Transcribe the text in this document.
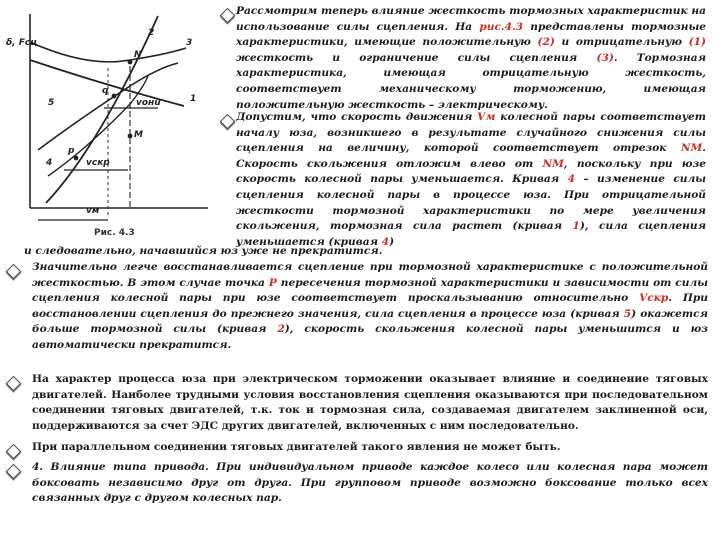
δ, Fсц
N
q
p
M
vонu
vскр
vм
1
2
3
4
5
Рис. 4.3
Рассмотрим теперь влияние жесткость тормозных характеристик на использование силы сцепления. На рис.4.3 представлены тормозные характеристики, имеющие положительную (2) и отрицательную (1) жесткость и ограничение силы сцепления (3). Тормозная характеристика, имеющая отрицательную жесткость, соответствует механическому торможению, имеющая положительную жесткость – электрическому.
Допустим, что скорость движения Vм колесной пары соответствует началу юза, возникшего в результате случайного снижения силы сцепления на величину, которой соответствует отрезок NM. Скорость скольжения отложим влево от NM, поскольку при юзе скорость колесной пары уменьшается. Кривая 4 – изменение силы сцепления колесной пары в процессе юза. При отрицательной жесткости тормозной характеристики по мере увеличения скольжения, тормозная сила растет (кривая 1), сила сцепления уменьшается (кривая 4)
и следовательно, начавшийся юз уже не прекратится.
Значительно легче восстанавливается сцепление при тормозной характеристике с положительной жесткостью. В этом случае точка P пересечения тормозной характеристики и зависимости от силы сцепления колесной пары при юзе соответствует проскальзыванию относительно Vскр. При восстановлении сцепления до прежнего значения, сила сцепления в процессе юза (кривая 5) окажется больше тормозной силы (кривая 2), скорость скольжения колесной пары уменьшится и юз автоматически прекратится.
На характер процесса юза при электрическом торможении оказывает влияние и соединение тяговых двигателей. Наиболее трудными условия восстановления сцепления оказываются при последовательном соединении тяговых двигателей, т.к. ток и тормозная сила, создаваемая двигателем заклиненной оси, поддерживаются за счет ЭДС других двигателей, включенных с ним последовательно.
При параллельном соединении тяговых двигателей такого явления не может быть.
4. Влияние типа привода. При индивидуальном приводе каждое колесо или колесная пара может боксовать независимо друг от друга. При групповом приводе возможно боксование только всех связанных друг с другом колесных пар.
